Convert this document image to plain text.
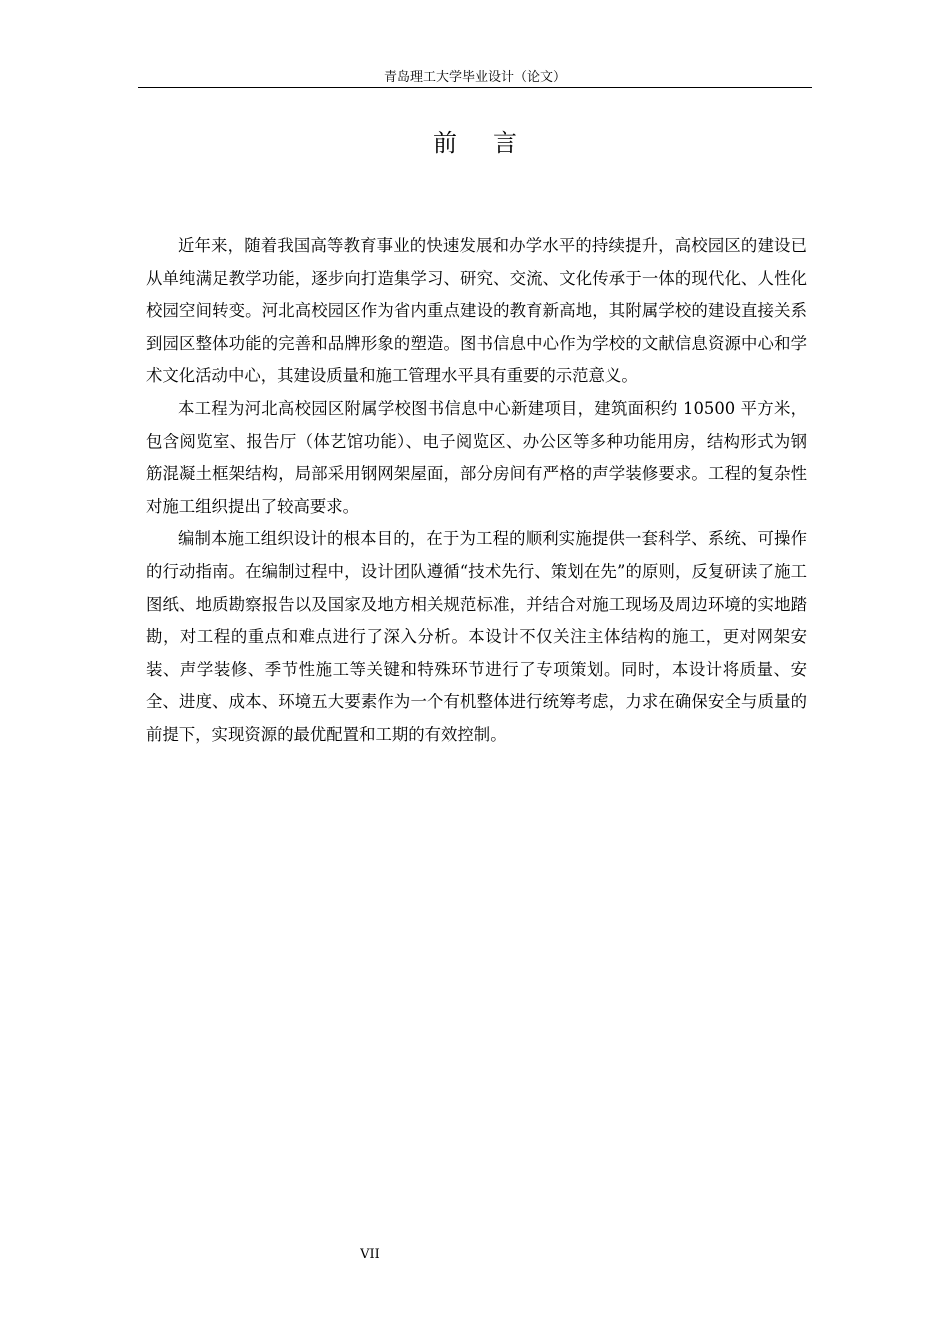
青岛理工大学毕业设计（论文）
前言

近年来，随着我国高等教育事业的快速发展和办学水平的持续提升，高校园区的建设已从单纯满足教学功能，逐步向打造集学习、研究、交流、文化传承于一体的现代化、人性化校园空间转变。河北高校园区作为省内重点建设的教育新高地，其附属学校的建设直接关系到园区整体功能的完善和品牌形象的塑造。图书信息中心作为学校的文献信息资源中心和学术文化活动中心，其建设质量和施工管理水平具有重要的示范意义。

本工程为河北高校园区附属学校图书信息中心新建项目，建筑面积约 10500 平方米，包含阅览室、报告厅（体艺馆功能）、电子阅览区、办公区等多种功能用房，结构形式为钢筋混凝土框架结构，局部采用钢网架屋面，部分房间有严格的声学装修要求。工程的复杂性对施工组织提出了较高要求。

编制本施工组织设计的根本目的，在于为工程的顺利实施提供一套科学、系统、可操作的行动指南。在编制过程中，设计团队遵循“技术先行、策划在先”的原则，反复研读了施工图纸、地质勘察报告以及国家及地方相关规范标准，并结合对施工现场及周边环境的实地踏勘，对工程的重点和难点进行了深入分析。本设计不仅关注主体结构的施工，更对网架安装、声学装修、季节性施工等关键和特殊环节进行了专项策划。同时，本设计将质量、安全、进度、成本、环境五大要素作为一个有机整体进行统筹考虑，力求在确保安全与质量的前提下，实现资源的最优配置和工期的有效控制。

VII
